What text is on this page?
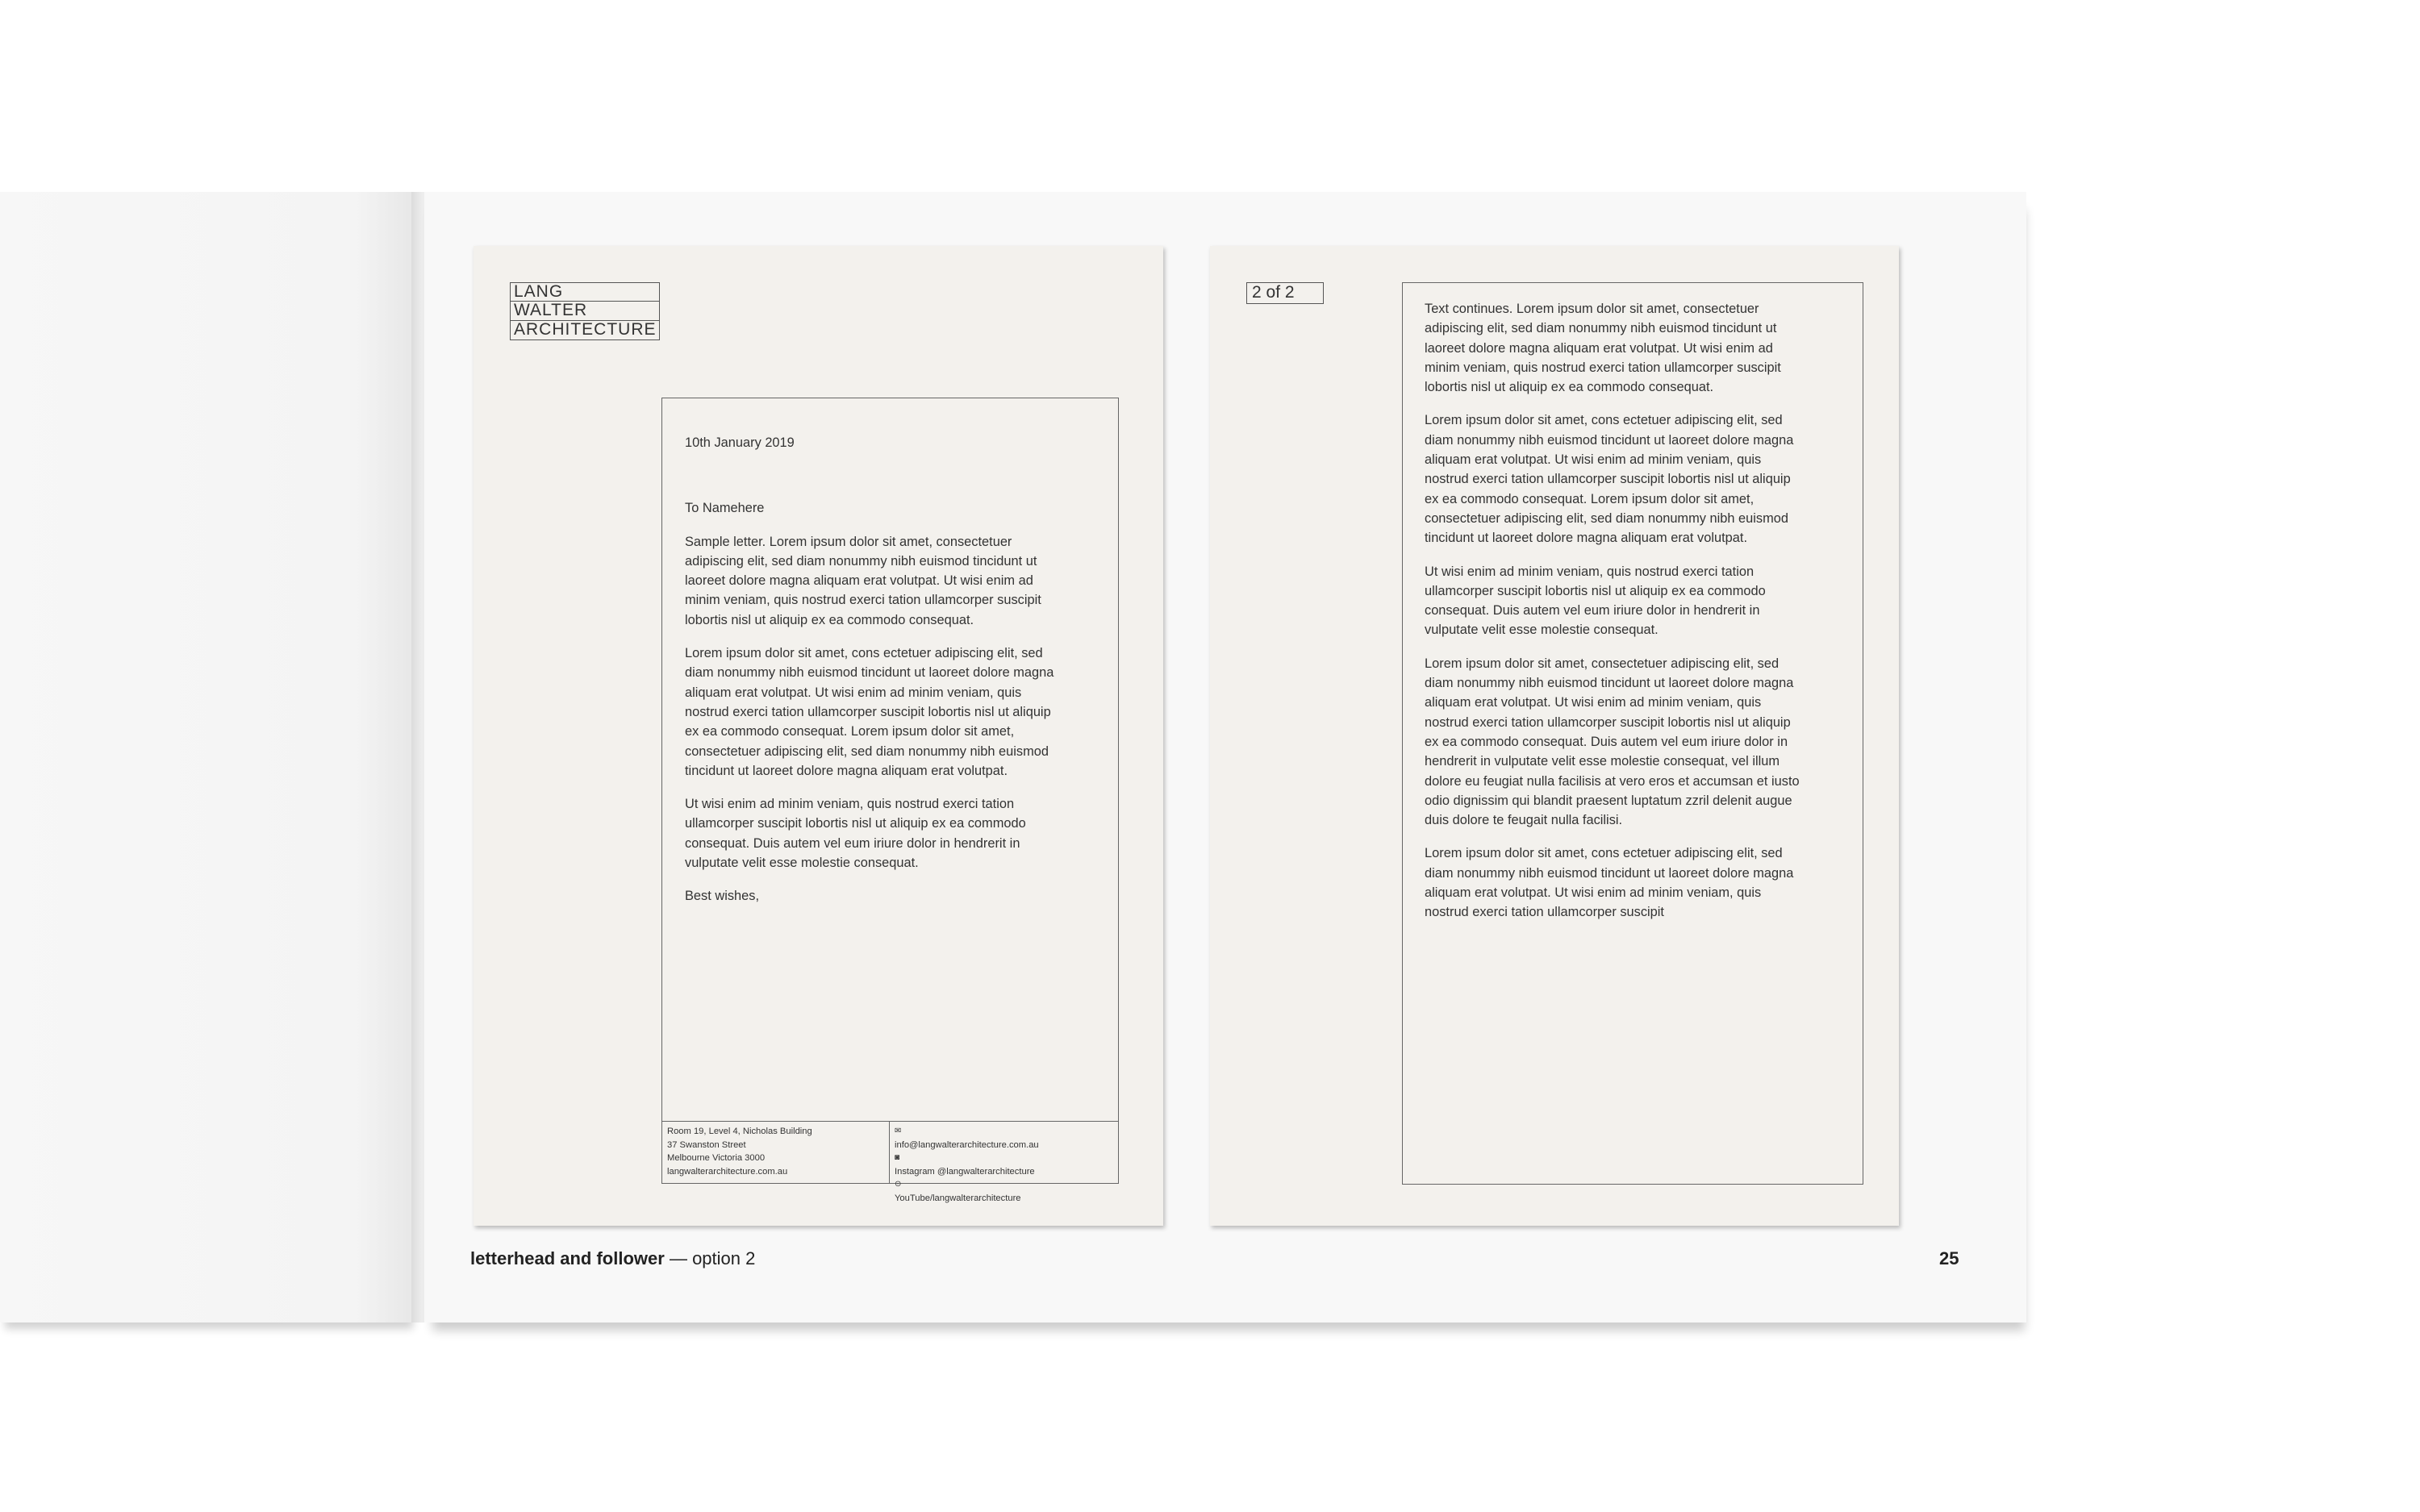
LANG
WALTER
ARCHITECTURE

10th January 2019

To Namehere

Sample letter. Lorem ipsum dolor sit amet, consectetuer adipiscing elit, sed diam nonummy nibh euismod tincidunt ut laoreet dolore magna aliquam erat volutpat. Ut wisi enim ad minim veniam, quis nostrud exerci tation ullamcorper suscipit lobortis nisl ut aliquip ex ea commodo consequat.

Lorem ipsum dolor sit amet, cons ectetuer adipiscing elit, sed diam nonummy nibh euismod tincidunt ut laoreet dolore magna aliquam erat volutpat. Ut wisi enim ad minim veniam, quis nostrud exerci tation ullamcorper suscipit lobortis nisl ut aliquip ex ea commodo consequat. Lorem ipsum dolor sit amet, consectetuer adipiscing elit, sed diam nonummy nibh euismod tincidunt ut laoreet dolore magna aliquam erat volutpat.

Ut wisi enim ad minim veniam, quis nostrud exerci tation ullamcorper suscipit lobortis nisl ut aliquip ex ea commodo consequat. Duis autem vel eum iriure dolor in hendrerit in vulputate velit esse molestie consequat.

Best wishes,

Room 19, Level 4, Nicholas Building
37 Swanston Street
Melbourne Victoria 3000
langwalterarchitecture.com.au
✉
info@langwalterarchitecture.com.au
◙
Instagram @langwalterarchitecture
⊙
YouTube/langwalterarchitecture
2 of 2

Text continues. Lorem ipsum dolor sit amet, consectetuer adipiscing elit, sed diam nonummy nibh euismod tincidunt ut laoreet dolore magna aliquam erat volutpat. Ut wisi enim ad minim veniam, quis nostrud exerci tation ullamcorper suscipit lobortis nisl ut aliquip ex ea commodo consequat.

Lorem ipsum dolor sit amet, cons ectetuer adipiscing elit, sed diam nonummy nibh euismod tincidunt ut laoreet dolore magna aliquam erat volutpat. Ut wisi enim ad minim veniam, quis nostrud exerci tation ullamcorper suscipit lobortis nisl ut aliquip ex ea commodo consequat. Lorem ipsum dolor sit amet, consectetuer adipiscing elit, sed diam nonummy nibh euismod tincidunt ut laoreet dolore magna aliquam erat volutpat.

Ut wisi enim ad minim veniam, quis nostrud exerci tation ullamcorper suscipit lobortis nisl ut aliquip ex ea commodo consequat. Duis autem vel eum iriure dolor in hendrerit in vulputate velit esse molestie consequat.

Lorem ipsum dolor sit amet, consectetuer adipiscing elit, sed diam nonummy nibh euismod tincidunt ut laoreet dolore magna aliquam erat volutpat. Ut wisi enim ad minim veniam, quis nostrud exerci tation ullamcorper suscipit lobortis nisl ut aliquip ex ea commodo consequat. Duis autem vel eum iriure dolor in hendrerit in vulputate velit esse molestie consequat, vel illum dolore eu feugiat nulla facilisis at vero eros et accumsan et iusto odio dignissim qui blandit praesent luptatum zzril delenit augue duis dolore te feugait nulla facilisi.

Lorem ipsum dolor sit amet, cons ectetuer adipiscing elit, sed diam nonummy nibh euismod tincidunt ut laoreet dolore magna aliquam erat volutpat. Ut wisi enim ad minim veniam, quis nostrud exerci tation ullamcorper suscipit

letterhead and follower — option 2	25
